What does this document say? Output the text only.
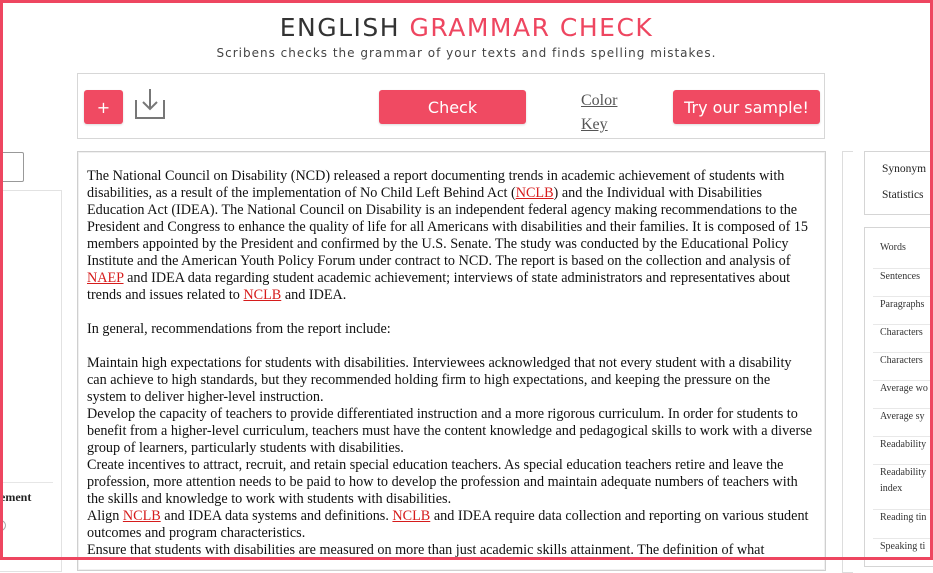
ENGLISH GRAMMAR CHECK
Scribens checks the grammar of your texts and finds spelling mistakes.
+	Check	Color
Key
Try our sample!
ement

The National Council on Disability (NCD) released a report documenting trends in academic achievement of students with disabilities, as a result of the implementation of No Child Left Behind Act (NCLB) and the Individual with Disabilities Education Act (IDEA). The National Council on Disability is an independent federal agency making recommendations to the President and Congress to enhance the quality of life for all Americans with disabilities and their families. It is composed of 15 members appointed by the President and confirmed by the U.S. Senate. The study was conducted by the Educational Policy Institute and the American Youth Policy Forum under contract to NCD. The report is based on the collection and analysis of NAEP and IDEA data regarding student academic achievement; interviews of state administrators and representatives about trends and issues related to NCLB and IDEA.

In general, recommendations from the report include:

Maintain high expectations for students with disabilities. Interviewees acknowledged that not every student with a disability can achieve to high standards, but they recommended holding firm to high expectations, and keeping the pressure on the system to deliver higher-level instruction.

Develop the capacity of teachers to provide differentiated instruction and a more rigorous curriculum. In order for students to benefit from a higher-level curriculum, teachers must have the content knowledge and pedagogical skills to work with a diverse group of learners, particularly students with disabilities.

Create incentives to attract, recruit, and retain special education teachers. As special education teachers retire and leave the profession, more attention needs to be paid to how to develop the profession and maintain adequate numbers of teachers with the skills and knowledge to work with students with disabilities.

Align NCLB and IDEA data systems and definitions. NCLB and IDEA require data collection and reporting on various student outcomes and program characteristics.

Ensure that students with disabilities are measured on more than just academic skills attainment. The definition of what

Synonym
Statistics
Words
Sentences
Paragraphs
Characters
Characters
Average wo
Average sy
Readability
Readability index
Reading tin
Speaking ti
